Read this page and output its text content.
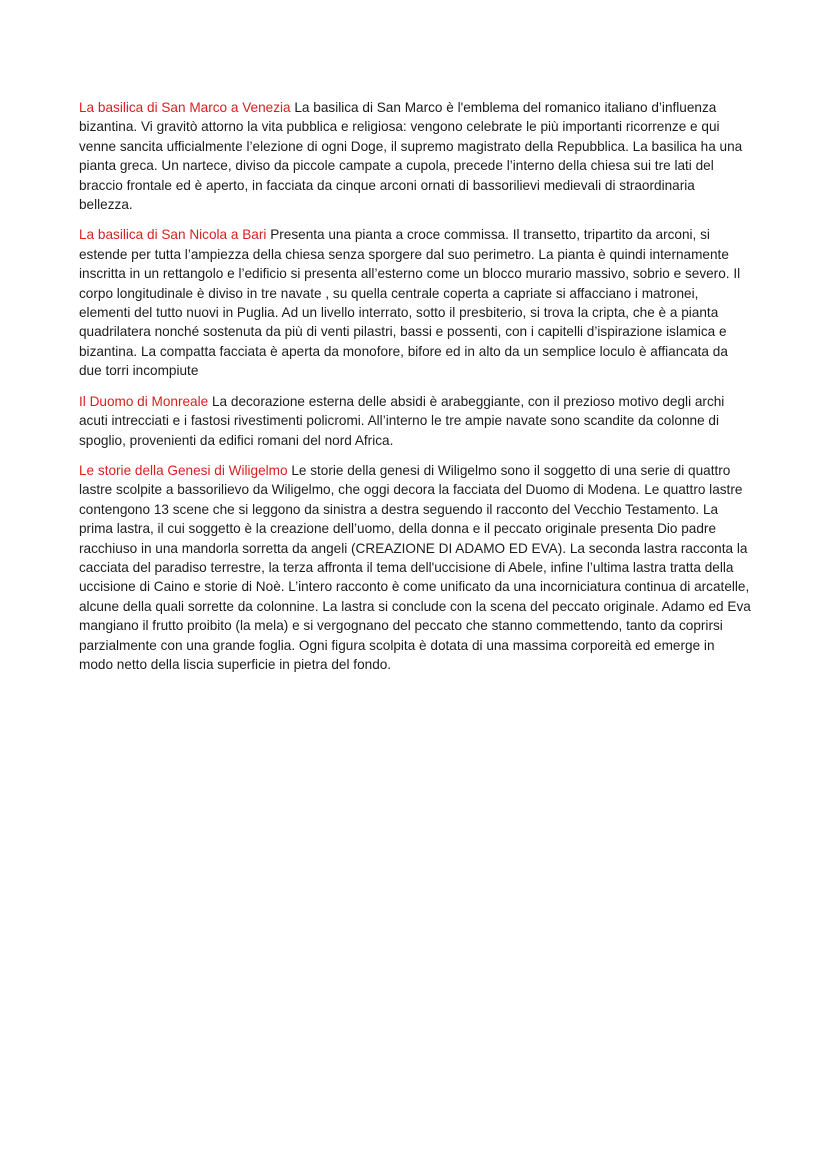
La basilica di San Marco a Venezia La basilica di San Marco è l'emblema del romanico italiano d’influenza bizantina. Vi gravitò attorno la vita pubblica e religiosa: vengono celebrate le più importanti ricorrenze e qui venne sancita ufficialmente l’elezione di ogni Doge, il supremo magistrato della Repubblica. La basilica ha una pianta greca. Un nartece, diviso da piccole campate a cupola, precede l’interno della chiesa sui tre lati del braccio frontale ed è aperto, in facciata da cinque arconi ornati di bassorilievi medievali di straordinaria bellezza.

La basilica di San Nicola a Bari Presenta una pianta a croce commissa. Il transetto, tripartito da arconi, si estende per tutta l’ampiezza della chiesa senza sporgere dal suo perimetro. La pianta è quindi internamente inscritta in un rettangolo e l’edificio si presenta all’esterno come un blocco murario massivo, sobrio e severo. Il corpo longitudinale è diviso in tre navate , su quella centrale coperta a capriate si affacciano i matronei, elementi del tutto nuovi in Puglia. Ad un livello interrato, sotto il presbiterio, si trova la cripta, che è a pianta quadrilatera nonché sostenuta da più di venti pilastri, bassi e possenti, con i capitelli d’ispirazione islamica e bizantina. La compatta facciata è aperta da monofore, bifore ed in alto da un semplice loculo è affiancata da due torri incompiute

Il Duomo di Monreale La decorazione esterna delle absidi è arabeggiante, con il prezioso motivo degli archi acuti intrecciati e i fastosi rivestimenti policromi. All’interno le tre ampie navate sono scandite da colonne di spoglio, provenienti da edifici romani del nord Africa.

Le storie della Genesi di Wiligelmo Le storie della genesi di Wiligelmo sono il soggetto di una serie di quattro lastre scolpite a bassorilievo da Wiligelmo, che oggi decora la facciata del Duomo di Modena. Le quattro lastre contengono 13 scene che si leggono da sinistra a destra seguendo il racconto del Vecchio Testamento. La prima lastra, il cui soggetto è la creazione dell’uomo, della donna e il peccato originale presenta Dio padre racchiuso in una mandorla sorretta da angeli (CREAZIONE DI ADAMO ED EVA). La seconda lastra racconta la cacciata del paradiso terrestre, la terza affronta il tema dell'uccisione di Abele, infine l’ultima lastra tratta della uccisione di Caino e storie di Noè. L’intero racconto è come unificato da una incorniciatura continua di arcatelle, alcune della quali sorrette da colonnine. La lastra si conclude con la scena del peccato originale. Adamo ed Eva mangiano il frutto proibito (la mela) e si vergognano del peccato che stanno commettendo, tanto da coprirsi parzialmente con una grande foglia. Ogni figura scolpita è dotata di una massima corporeità ed emerge in modo netto della liscia superficie in pietra del fondo.
